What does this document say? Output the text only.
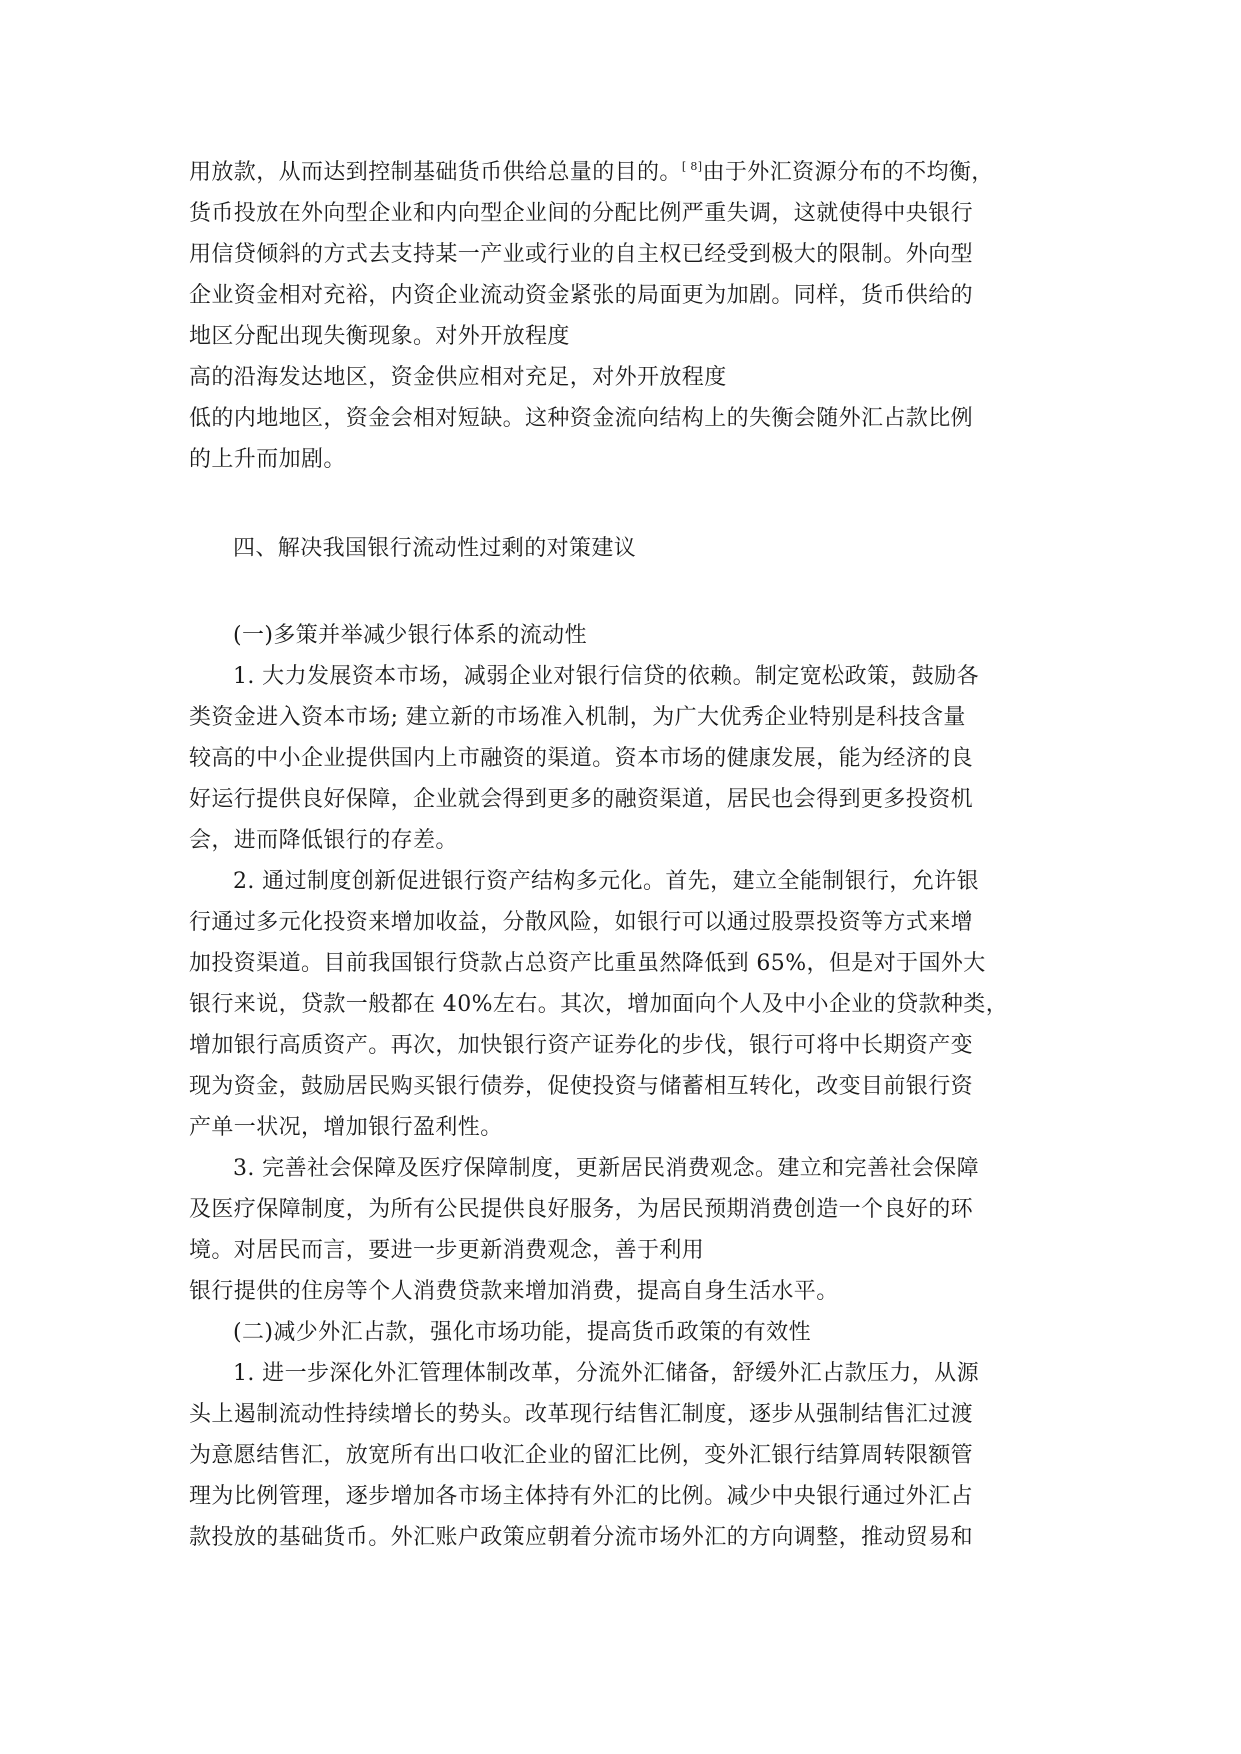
用放款，从而达到控制基础货币供给总量的目的。[ 8]由于外汇资源分布的不均衡，
货币投放在外向型企业和内向型企业间的分配比例严重失调，这就使得中央银行
用信贷倾斜的方式去支持某一产业或行业的自主权已经受到极大的限制。外向型
企业资金相对充裕，内资企业流动资金紧张的局面更为加剧。同样，货币供给的
地区分配出现失衡现象。对外开放程度
高的沿海发达地区，资金供应相对充足，对外开放程度
低的内地地区，资金会相对短缺。这种资金流向结构上的失衡会随外汇占款比例
的上升而加剧。
四、解决我国银行流动性过剩的对策建议
(一)多策并举减少银行体系的流动性
1. 大力发展资本市场，减弱企业对银行信贷的依赖。制定宽松政策，鼓励各
类资金进入资本市场; 建立新的市场准入机制，为广大优秀企业特别是科技含量
较高的中小企业提供国内上市融资的渠道。资本市场的健康发展，能为经济的良
好运行提供良好保障，企业就会得到更多的融资渠道，居民也会得到更多投资机
会，进而降低银行的存差。
2. 通过制度创新促进银行资产结构多元化。首先，建立全能制银行，允许银
行通过多元化投资来增加收益，分散风险，如银行可以通过股票投资等方式来增
加投资渠道。目前我国银行贷款占总资产比重虽然降低到 65%，但是对于国外大
银行来说，贷款一般都在 40%左右。其次，增加面向个人及中小企业的贷款种类，
增加银行高质资产。再次，加快银行资产证券化的步伐，银行可将中长期资产变
现为资金，鼓励居民购买银行债券，促使投资与储蓄相互转化，改变目前银行资
产单一状况，增加银行盈利性。
3. 完善社会保障及医疗保障制度，更新居民消费观念。建立和完善社会保障
及医疗保障制度，为所有公民提供良好服务，为居民预期消费创造一个良好的环
境。对居民而言，要进一步更新消费观念，善于利用
银行提供的住房等个人消费贷款来增加消费，提高自身生活水平。
(二)减少外汇占款，强化市场功能，提高货币政策的有效性
1. 进一步深化外汇管理体制改革，分流外汇储备，舒缓外汇占款压力，从源
头上遏制流动性持续增长的势头。改革现行结售汇制度，逐步从强制结售汇过渡
为意愿结售汇，放宽所有出口收汇企业的留汇比例，变外汇银行结算周转限额管
理为比例管理，逐步增加各市场主体持有外汇的比例。减少中央银行通过外汇占
款投放的基础货币。外汇账户政策应朝着分流市场外汇的方向调整，推动贸易和
